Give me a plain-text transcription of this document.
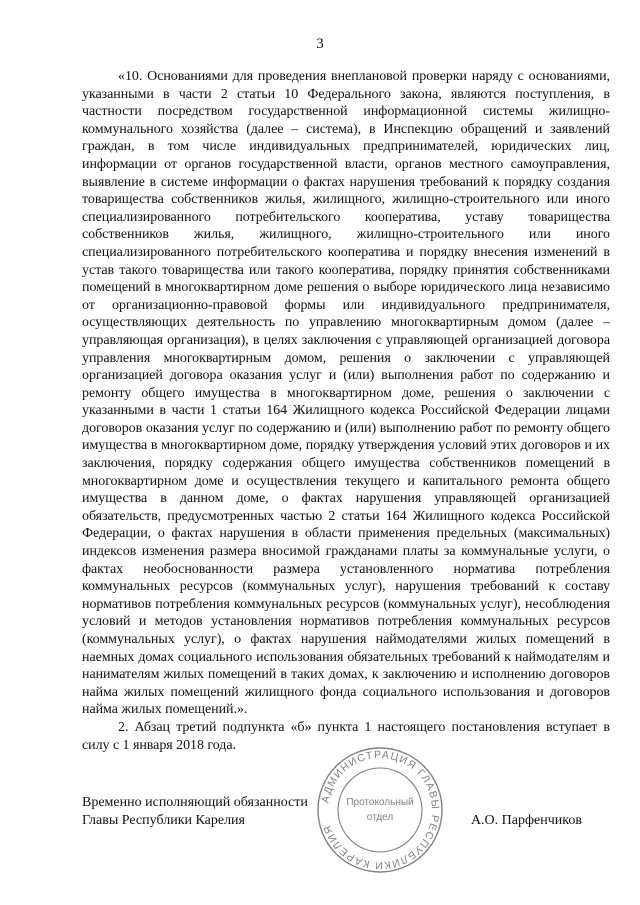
3

«10. Основаниями для проведения внеплановой проверки наряду с основаниями, указанными в части 2 статьи 10 Федерального закона, являются поступления, в частности посредством государственной информационной системы жилищно-коммунального хозяйства (далее – система), в Инспекцию обращений и заявлений граждан, в том числе индивидуальных предпринимателей, юридических лиц, информации от органов государственной власти, органов местного самоуправления, выявление в системе информации о фактах нарушения требований к порядку создания товарищества собственников жилья, жилищного, жилищно-строительного или иного специализированного потребительского кооператива, уставу товарищества собственников жилья, жилищного, жилищно-строительного или иного специализированного потребительского кооператива и порядку внесения изменений в устав такого товарищества или такого кооператива, порядку принятия собственниками помещений в многоквартирном доме решения о выборе юридического лица независимо от организационно-правовой формы или индивидуального предпринимателя, осуществляющих деятельность по управлению многоквартирным домом (далее – управляющая организация), в целях заключения с управляющей организацией договора управления многоквартирным домом, решения о заключении с управляющей организацией договора оказания услуг и (или) выполнения работ по содержанию и ремонту общего имущества в многоквартирном доме, решения о заключении с указанными в части 1 статьи 164 Жилищного кодекса Российской Федерации лицами договоров оказания услуг по содержанию и (или) выполнению работ по ремонту общего имущества в многоквартирном доме, порядку утверждения условий этих договоров и их заключения, порядку содержания общего имущества собственников помещений в многоквартирном доме и осуществления текущего и капитального ремонта общего имущества в данном доме, о фактах нарушения управляющей организацией обязательств, предусмотренных частью 2 статьи 164 Жилищного кодекса Российской Федерации, о фактах нарушения в области применения предельных (максимальных) индексов изменения размера вносимой гражданами платы за коммунальные услуги, о фактах необоснованности размера установленного норматива потребления коммунальных ресурсов (коммунальных услуг), нарушения требований к составу нормативов потребления коммунальных ресурсов (коммунальных услуг), несоблюдения условий и методов установления нормативов потребления коммунальных ресурсов (коммунальных услуг), о фактах нарушения наймодателями жилых помещений в наемных домах социального использования обязательных требований к наймодателям и нанимателям жилых помещений в таких домах, к заключению и исполнению договоров найма жилых помещений жилищного фонда социального использования и договоров найма жилых помещений.».

2. Абзац третий подпункта «б» пункта 1 настоящего постановления вступает в силу с 1 января 2018 года.

Временно исполняющий обязанности

Главы Республики Карелия	А.О. Парфенчиков
АДМИНИСТРАЦИЯ ГЛАВЫ РЕСПУБЛИКИ КАРЕЛИЯ
Протокольный
отдел
